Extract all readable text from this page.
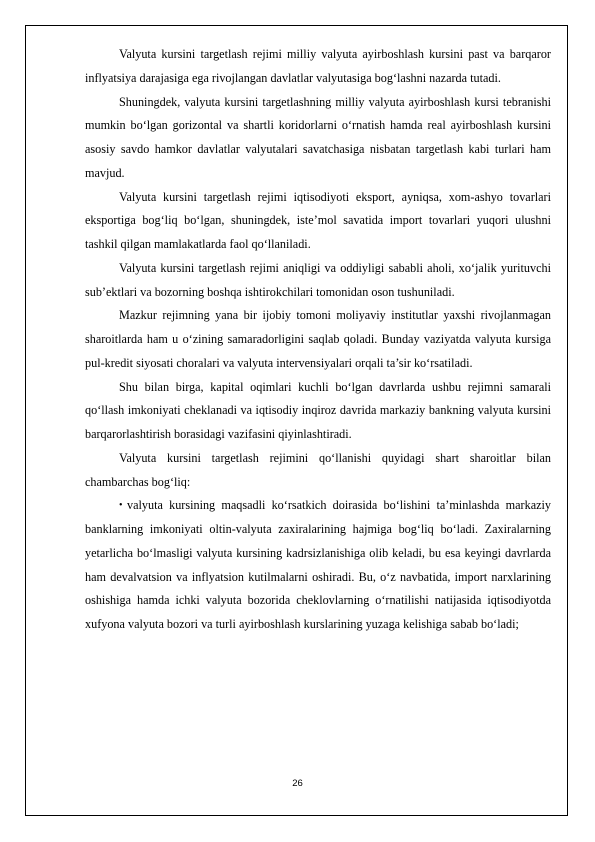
Valyuta kursini targetlash rejimi milliy valyuta ayirboshlash kursini past va barqaror inflyatsiya darajasiga ega rivojlangan davlatlar valyutasiga bog‘lashni nazarda tutadi.

Shuningdek, valyuta kursini targetlashning milliy valyuta ayirboshlash kursi tebranishi mumkin bo‘lgan gorizontal va shartli koridorlarni o‘rnatish hamda real ayirboshlash kursini asosiy savdo hamkor davlatlar valyutalari savatchasiga nisbatan targetlash kabi turlari ham mavjud.

Valyuta kursini targetlash rejimi iqtisodiyoti eksport, ayniqsa, xom-ashyo tovarlari eksportiga bog‘liq bo‘lgan, shuningdek, iste’mol savatida import tovarlari yuqori ulushni tashkil qilgan mamlakatlarda faol qo‘llaniladi.

Valyuta kursini targetlash rejimi aniqligi va oddiyligi sababli aholi, xo‘jalik yurituvchi sub’ektlari va bozorning boshqa ishtirokchilari tomonidan oson tushuniladi.

Mazkur rejimning yana bir ijobiy tomoni moliyaviy institutlar yaxshi rivojlanmagan sharoitlarda ham u o‘zining samaradorligini saqlab qoladi. Bunday vaziyatda valyuta kursiga pul-kredit siyosati choralari va valyuta intervensiyalari orqali ta’sir ko‘rsatiladi.

Shu bilan birga, kapital oqimlari kuchli bo‘lgan davrlarda ushbu rejimni samarali qo‘llash imkoniyati cheklanadi va iqtisodiy inqiroz davrida markaziy bankning valyuta kursini barqarorlashtirish borasidagi vazifasini qiyinlashtiradi.

Valyuta kursini targetlash rejimini qo‘llanishi quyidagi shart sharoitlar bilan chambarchas bog‘liq:

• valyuta kursining maqsadli ko‘rsatkich doirasida bo‘lishini ta’minlashda markaziy banklarning imkoniyati oltin-valyuta zaxiralarining hajmiga bog‘liq bo‘ladi. Zaxiralarning yetarlicha bo‘lmasligi valyuta kursining kadrsizlanishiga olib keladi, bu esa keyingi davrlarda ham devalvatsion va inflyatsion kutilmalarni oshiradi. Bu, o‘z navbatida, import narxlarining oshishiga hamda ichki valyuta bozorida cheklovlarning o‘rnatilishi natijasida iqtisodiyotda xufyona valyuta bozori va turli ayirboshlash kurslarining yuzaga kelishiga sabab bo‘ladi;

26
